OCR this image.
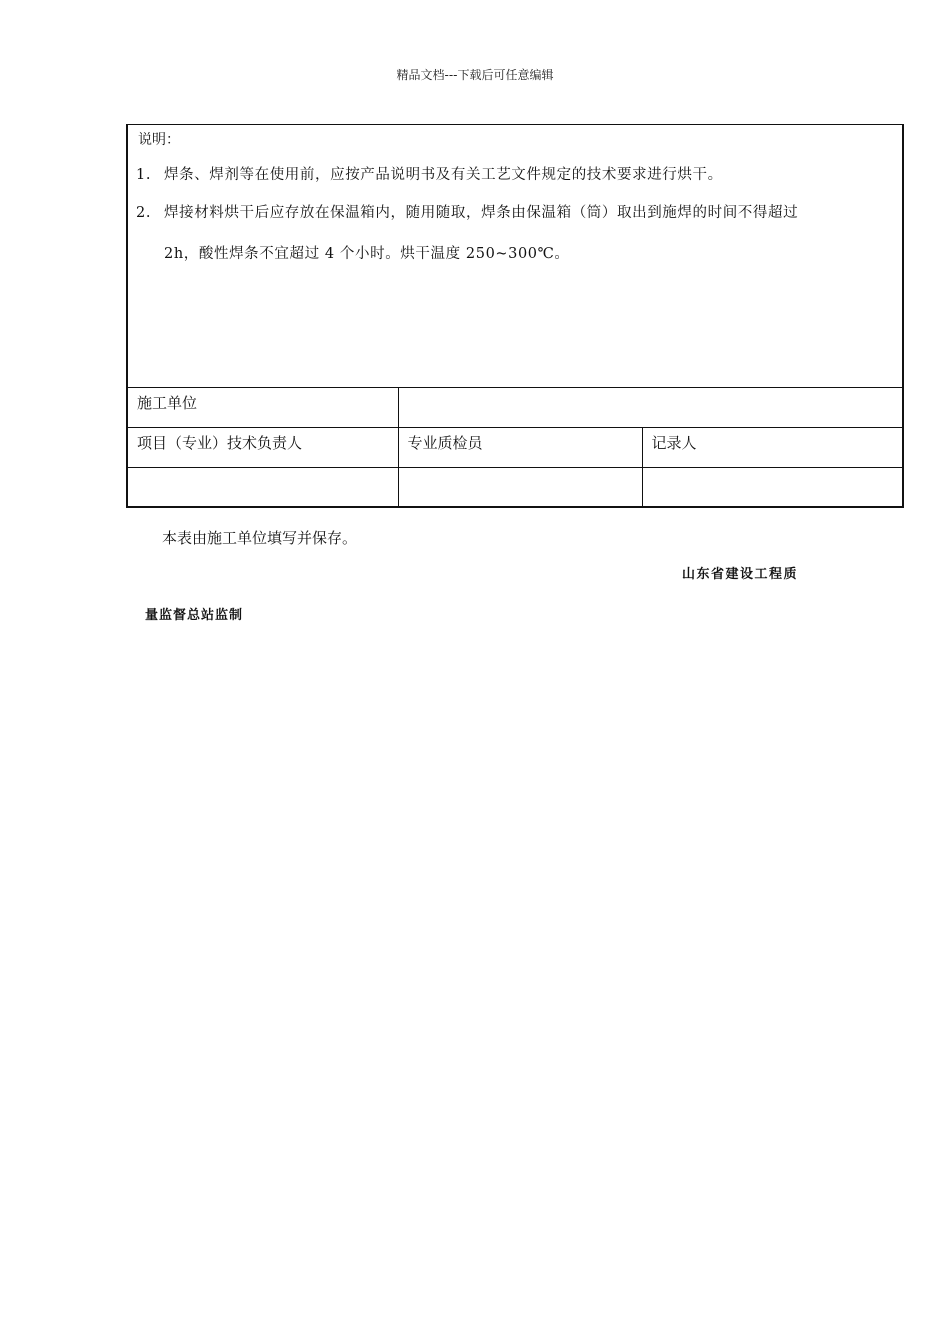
精品文档---下载后可任意编辑
说明：
1. 焊条、焊剂等在使用前，应按产品说明书及有关工艺文件规定的技术要求进行烘干。
2. 焊接材料烘干后应存放在保温箱内，随用随取，焊条由保温箱（筒）取出到施焊的时间不得超过
2h，酸性焊条不宜超过 4 个小时。烘干温度 250~300℃。
施工单位		

项目（专业）技术负责人	专业质检员	记录人

本表由施工单位填写并保存。
山东省建设工程质
量监督总站监制
